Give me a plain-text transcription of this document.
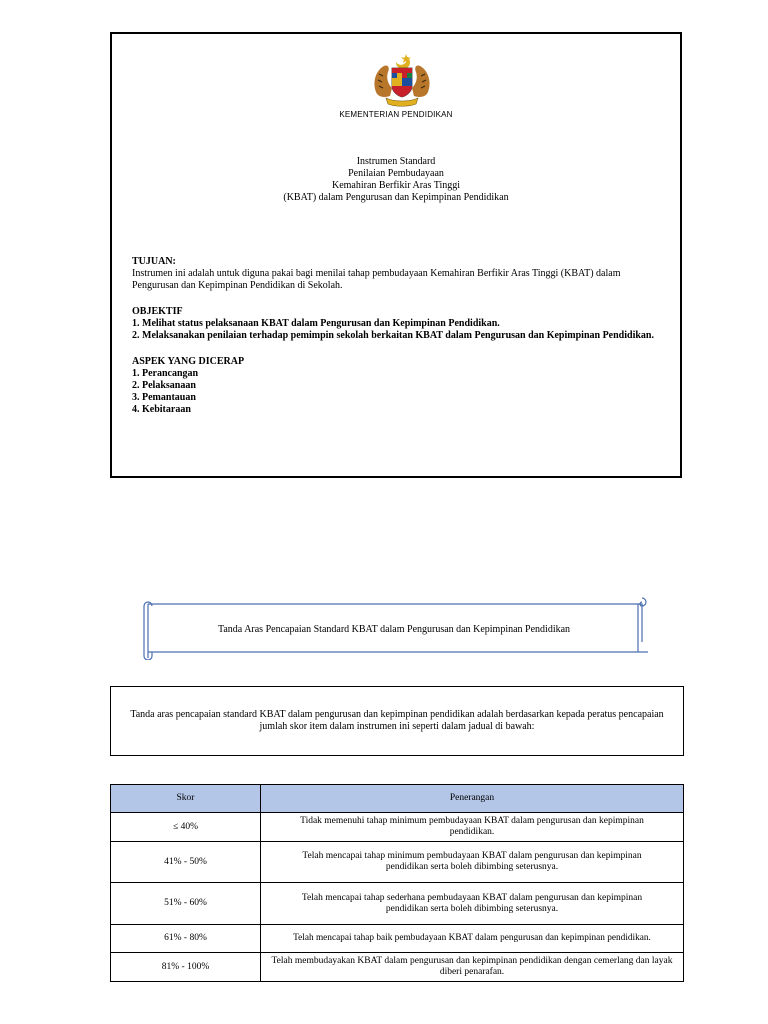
KEMENTERIAN PENDIDIKAN
Instrumen Standard
Penilaian Pembudayaan
Kemahiran Berfikir Aras Tinggi
(KBAT) dalam Pengurusan dan Kepimpinan Pendidikan

TUJUAN:

Instrumen ini adalah untuk diguna pakai bagi menilai tahap pembudayaan Kemahiran Berfikir Aras Tinggi (KBAT) dalam Pengurusan dan Kepimpinan Pendidikan di Sekolah.

OBJEKTIF

1. Melihat status pelaksanaan KBAT dalam Pengurusan dan Kepimpinan Pendidikan.

2. Melaksanakan penilaian terhadap pemimpin sekolah berkaitan KBAT dalam Pengurusan dan Kepimpinan Pendidikan.

ASPEK YANG DICERAP

1. Perancangan

2. Pelaksanaan

3. Pemantauan

4. Kebitaraan

Tanda Aras Pencapaian Standard KBAT dalam Pengurusan dan Kepimpinan Pendidikan
Tanda aras pencapaian standard KBAT dalam pengurusan dan kepimpinan pendidikan adalah berdasarkan kepada peratus pencapaian jumlah skor item dalam instrumen ini seperti dalam jadual di bawah:
Skor	Penerangan
≤ 40%	Tidak memenuhi tahap minimum pembudayaan KBAT dalam pengurusan dan kepimpinan pendidikan.
41% - 50%	Telah mencapai tahap minimum pembudayaan KBAT dalam pengurusan dan kepimpinan pendidikan serta boleh dibimbing seterusnya.
51% - 60%	Telah mencapai tahap sederhana pembudayaan KBAT dalam pengurusan dan kepimpinan pendidikan serta boleh dibimbing seterusnya.
61% - 80%	Telah mencapai tahap baik pembudayaan KBAT dalam pengurusan dan kepimpinan pendidikan.
81% - 100%	Telah membudayakan KBAT dalam pengurusan dan kepimpinan pendidikan dengan cemerlang dan layak diberi penarafan.
